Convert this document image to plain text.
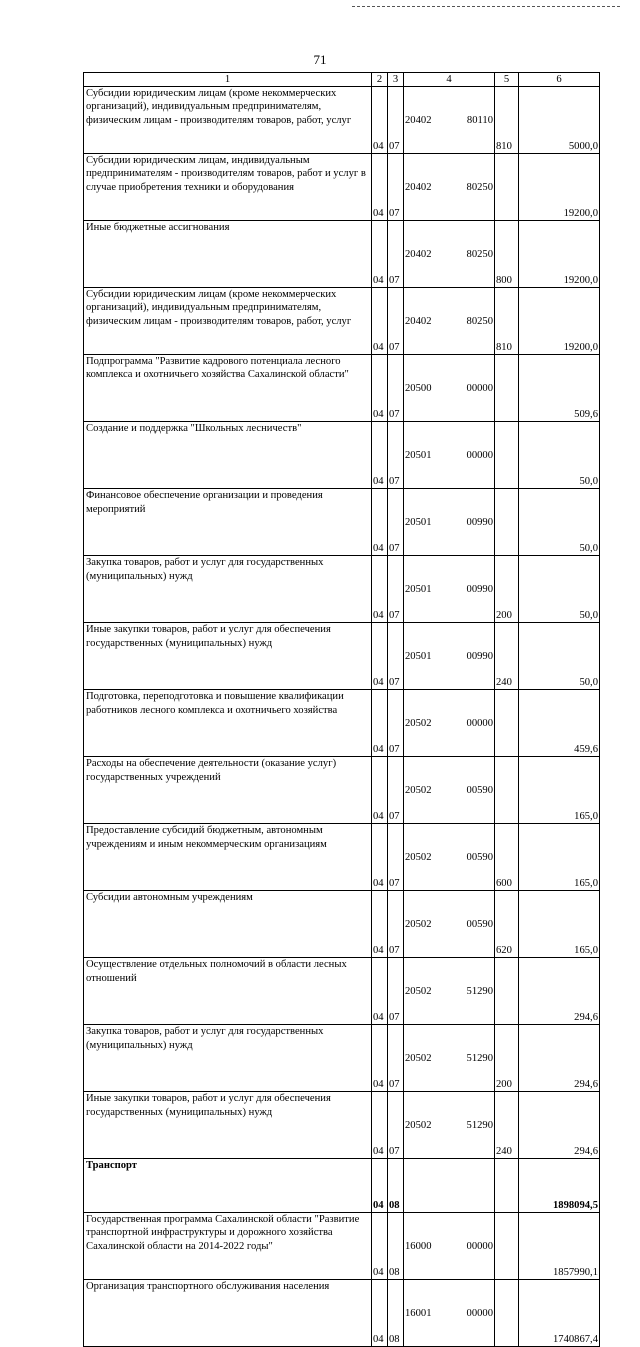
71
1	2	3	4	5	6
Субсидии юридическим лицам (кроме некоммерческих организаций), индивидуальным предпринимателям, физическим лицам - производителям товаров, работ, услуг	04	07	20402 80110	810	5000,0
Субсидии юридическим лицам, индивидуальным предпринимателям - производителям товаров, работ и услуг в случае приобретения техники и оборудования	04	07	20402 80250		19200,0
Иные бюджетные ассигнования	04	07	20402 80250	800	19200,0
Субсидии юридическим лицам (кроме некоммерческих организаций), индивидуальным предпринимателям, физическим лицам - производителям товаров, работ, услуг	04	07	20402 80250	810	19200,0
Подпрограмма "Развитие кадрового потенциала лесного комплекса и охотничьего хозяйства Сахалинской области"	04	07	20500 00000		509,6
Создание и поддержка "Школьных лесничеств"	04	07	20501 00000		50,0
Финансовое обеспечение организации и проведения мероприятий	04	07	20501 00990		50,0
Закупка товаров, работ и услуг для государственных (муниципальных) нужд	04	07	20501 00990	200	50,0
Иные закупки товаров, работ и услуг для обеспечения государственных (муниципальных) нужд	04	07	20501 00990	240	50,0
Подготовка, переподготовка и повышение квалификации работников лесного комплекса и охотничьего хозяйства	04	07	20502 00000		459,6
Расходы на обеспечение деятельности (оказание услуг) государственных учреждений	04	07	20502 00590		165,0
Предоставление субсидий бюджетным, автономным учреждениям и иным некоммерческим организациям	04	07	20502 00590	600	165,0
Субсидии автономным учреждениям	04	07	20502 00590	620	165,0
Осуществление отдельных полномочий в области лесных отношений	04	07	20502 51290		294,6
Закупка товаров, работ и услуг для государственных (муниципальных) нужд	04	07	20502 51290	200	294,6
Иные закупки товаров, работ и услуг для обеспечения государственных (муниципальных) нужд	04	07	20502 51290	240	294,6
Транспорт	04	08			1898094,5
Государственная программа Сахалинской области "Развитие транспортной инфраструктуры и дорожного хозяйства Сахалинской области на 2014-2022 годы"	04	08	16000 00000		1857990,1
Организация транспортного обслуживания населения	04	08	16001 00000		1740867,4
